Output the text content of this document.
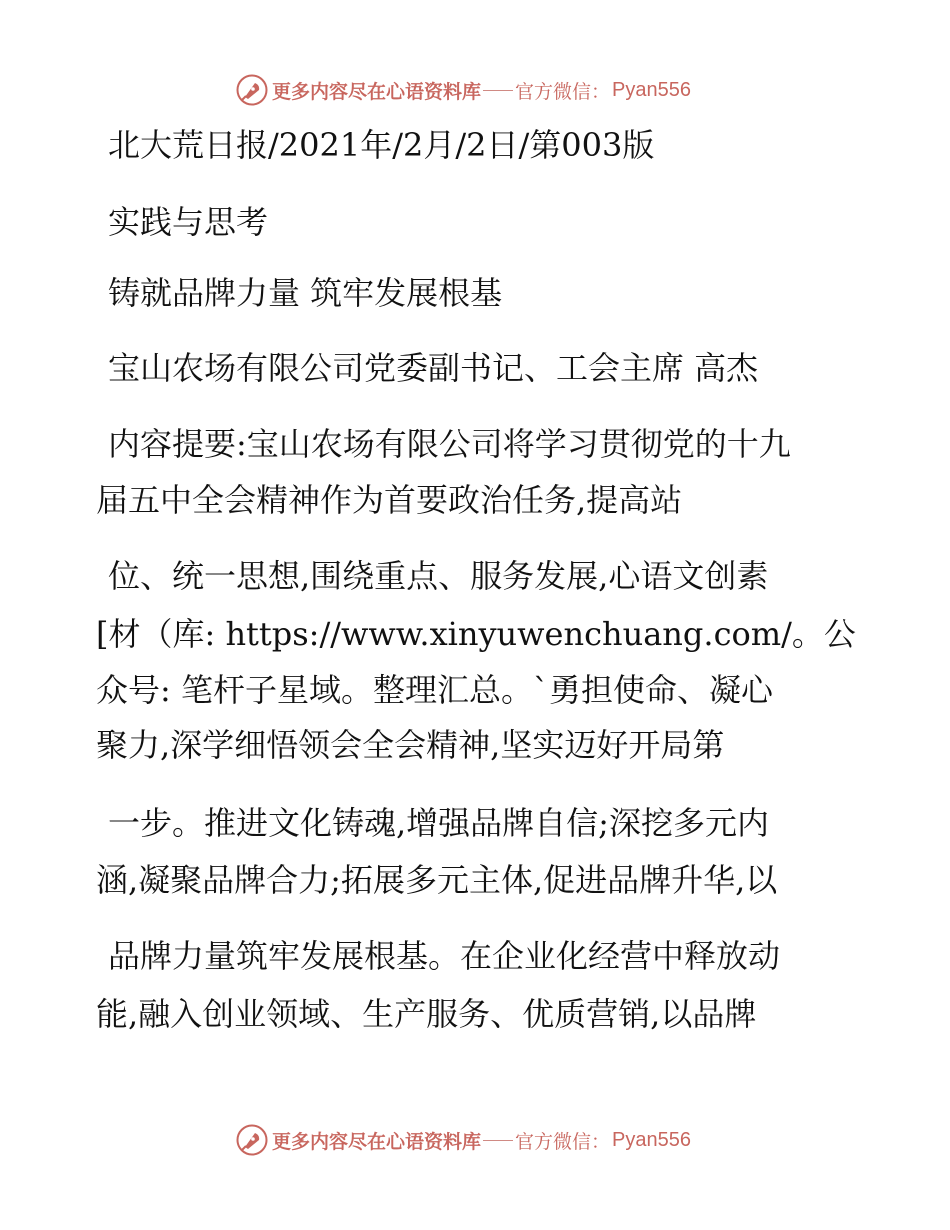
更多内容尽在心语资料库 官方微信： Pyan556
北大荒日报/2021年/2月/2日/第003版
实践与思考
铸就品牌力量 筑牢发展根基
宝山农场有限公司党委副书记、工会主席 高杰
内容提要:宝山农场有限公司将学习贯彻党的十九
届五中全会精神作为首要政治任务,提高站
位、统一思想,围绕重点、服务发展,心语文创素
[材（库: https://www.xinyuwenchuang.com/。公
众号: 笔杆子星域。整理汇总。`勇担使命、凝心
聚力,深学细悟领会全会精神,坚实迈好开局第
一步。推进文化铸魂,增强品牌自信;深挖多元内
涵,凝聚品牌合力;拓展多元主体,促进品牌升华,以
品牌力量筑牢发展根基。在企业化经营中释放动
能,融入创业领域、生产服务、优质营销,以品牌
更多内容尽在心语资料库 官方微信： Pyan556
